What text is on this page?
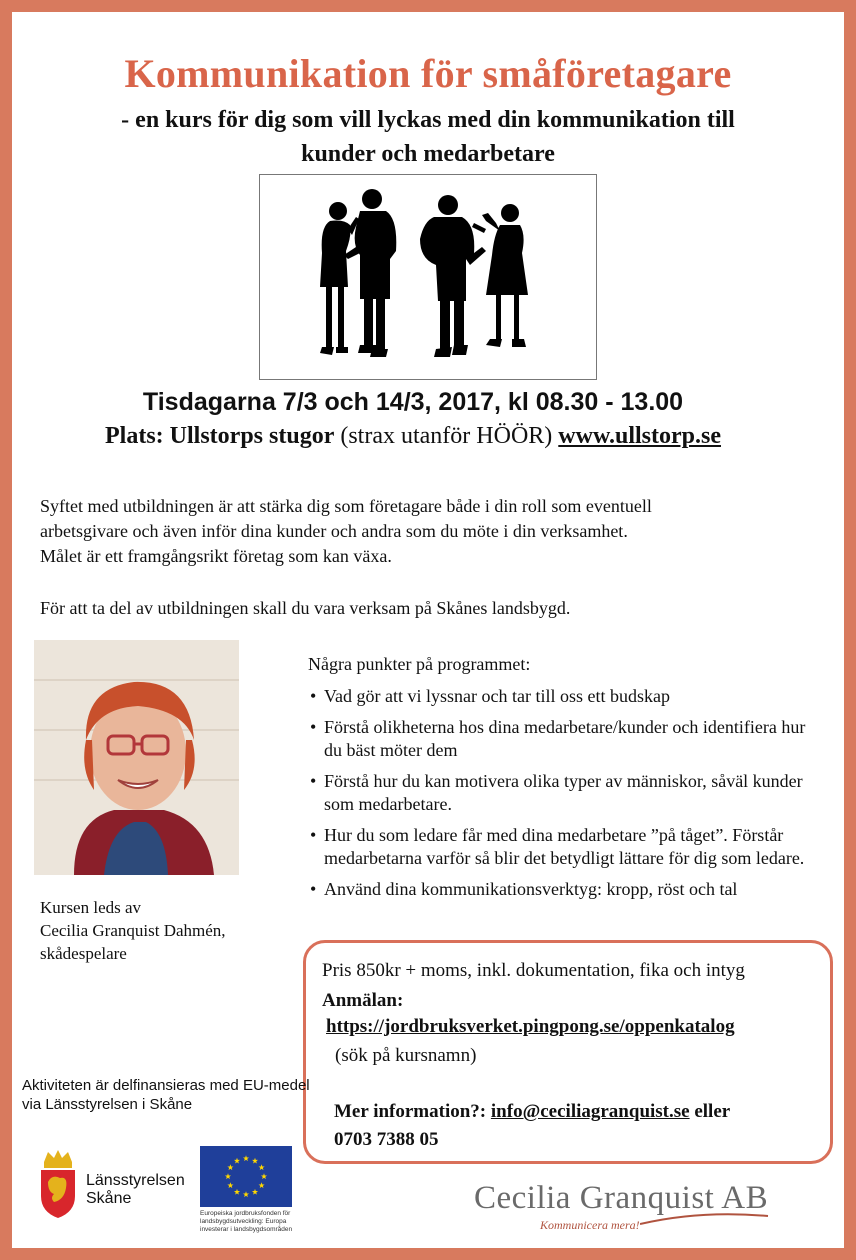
Kommunikation för småföretagare
- en kurs för dig som vill lyckas med din kommunikation till
kunder och medarbetare
Tisdagarna 7/3 och 14/3, 2017, kl 08.30 - 13.00
Plats: Ullstorps stugor (strax utanför HÖÖR) www.ullstorp.se
Syftet med utbildningen är att stärka dig som företagare både i din roll som eventuell
arbetsgivare och även inför dina kunder och andra som du möte i din verksamhet.
Målet är ett framgångsrikt företag som kan växa.
För att ta del av utbildningen skall du vara verksam på Skånes landsbygd.
Kursen leds av
Cecilia Granquist Dahmén,
skådespelare
Några punkter på programmet:
• Vad gör att vi lyssnar och tar till oss ett budskap
• Förstå olikheterna hos dina medarbetare/kunder och identifiera hur du bäst möter dem
• Förstå hur du kan motivera olika typer av människor, såväl kunder som medarbetare.
• Hur du som ledare får med dina medarbetare ”på tåget”. Förstår medarbetarna varför så blir det betydligt lättare för dig som ledare.
• Använd dina kommunikationsverktyg: kropp, röst och tal
Pris 850kr + moms, inkl. dokumentation, fika och intyg
Anmälan:
https://jordbruksverket.pingpong.se/oppenkatalog
(sök på kursnamn)
Mer information?: info@ceciliagranquist.se eller
0703 7388 05
Aktiviteten är delfinansieras med EU-medel via Länsstyrelsen i Skåne
Länsstyrelsen
Skåne
Europeiska jordbruksfonden för landsbygdsutveckling: Europa investerar i landsbygdsområden
Cecilia Granquist AB
Kommunicera mera!
